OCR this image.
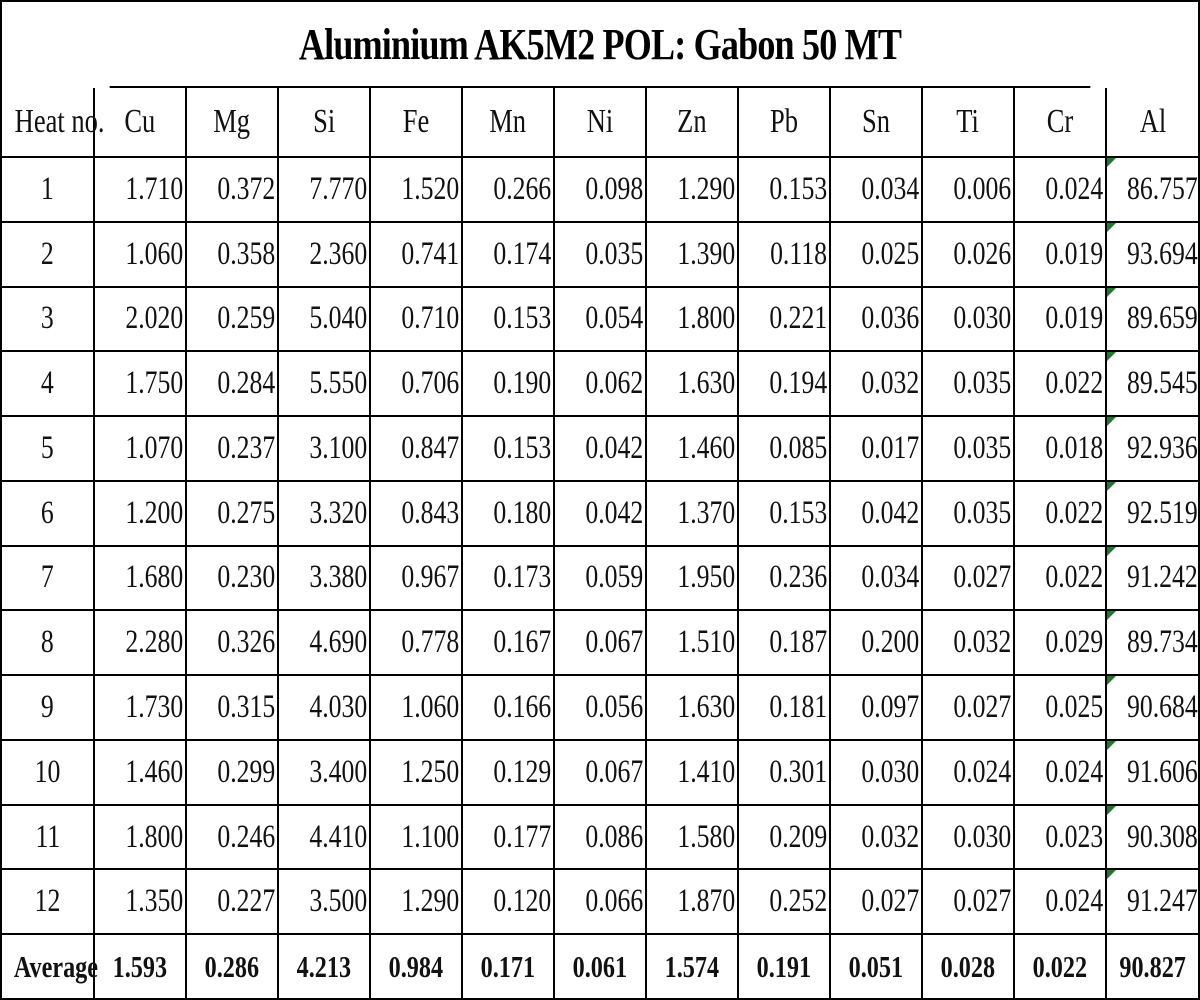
Aluminium AK5M2 POL: Gabon 50 MT
Heat no.	Cu	Mg	Si	Fe	Mn	Ni	Zn	Pb	Sn	Ti	Cr	Al
1	1.710	0.372	7.770	1.520	0.266	0.098	1.290	0.153	0.034	0.006	0.024	86.757
2	1.060	0.358	2.360	0.741	0.174	0.035	1.390	0.118	0.025	0.026	0.019	93.694
3	2.020	0.259	5.040	0.710	0.153	0.054	1.800	0.221	0.036	0.030	0.019	89.659
4	1.750	0.284	5.550	0.706	0.190	0.062	1.630	0.194	0.032	0.035	0.022	89.545
5	1.070	0.237	3.100	0.847	0.153	0.042	1.460	0.085	0.017	0.035	0.018	92.936
6	1.200	0.275	3.320	0.843	0.180	0.042	1.370	0.153	0.042	0.035	0.022	92.519
7	1.680	0.230	3.380	0.967	0.173	0.059	1.950	0.236	0.034	0.027	0.022	91.242
8	2.280	0.326	4.690	0.778	0.167	0.067	1.510	0.187	0.200	0.032	0.029	89.734
9	1.730	0.315	4.030	1.060	0.166	0.056	1.630	0.181	0.097	0.027	0.025	90.684
10	1.460	0.299	3.400	1.250	0.129	0.067	1.410	0.301	0.030	0.024	0.024	91.606
11	1.800	0.246	4.410	1.100	0.177	0.086	1.580	0.209	0.032	0.030	0.023	90.308
12	1.350	0.227	3.500	1.290	0.120	0.066	1.870	0.252	0.027	0.027	0.024	91.247
Average	1.593	0.286	4.213	0.984	0.171	0.061	1.574	0.191	0.051	0.028	0.022	90.827
